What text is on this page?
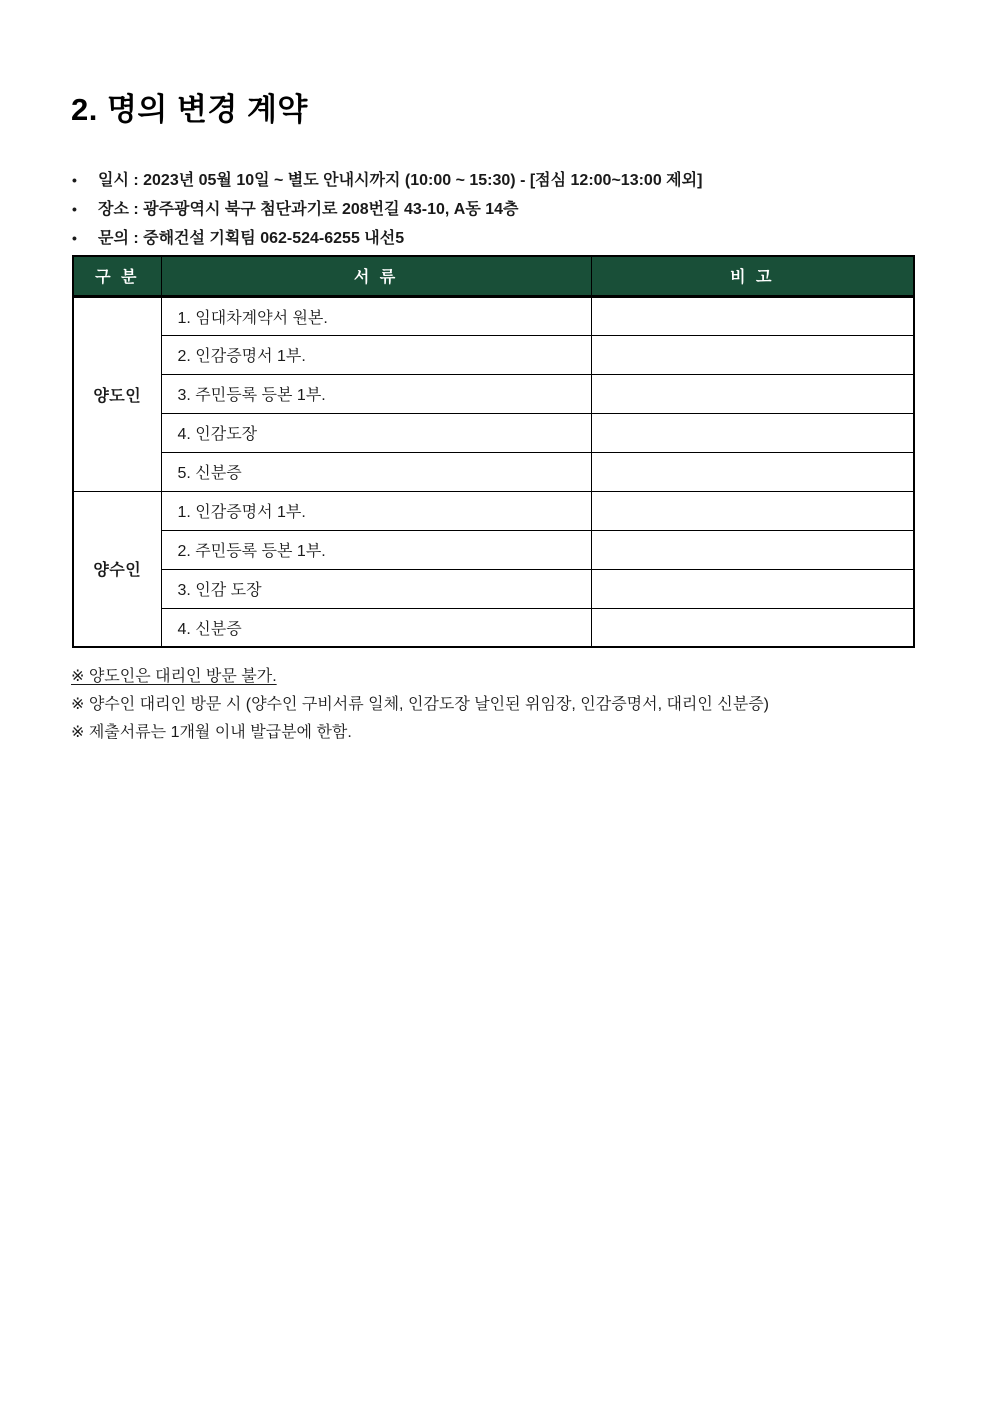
2. 명의 변경 계약
•	일시 : 2023년 05월 10일 ~ 별도 안내시까지 (10:00 ~ 15:30) - [점심 12:00~13:00 제외]
•	장소 : 광주광역시 북구 첨단과기로 208번길 43-10, A동 14층
•	문의 : 중해건설 기획팀 062-524-6255 내선5
구 분	서 류	비 고
양도인	1. 임대차계약서 원본.	
	2. 인감증명서 1부.	
	3. 주민등록 등본 1부.	
	4. 인감도장	
	5. 신분증	
양수인	1. 인감증명서 1부.	
	2. 주민등록 등본 1부.	
	3. 인감 도장	
	4. 신분증	

※ 양도인은 대리인 방문 불가.

※ 양수인 대리인 방문 시 (양수인 구비서류 일체, 인감도장 날인된 위임장, 인감증명서, 대리인 신분증)

※ 제출서류는 1개월 이내 발급분에 한함.
